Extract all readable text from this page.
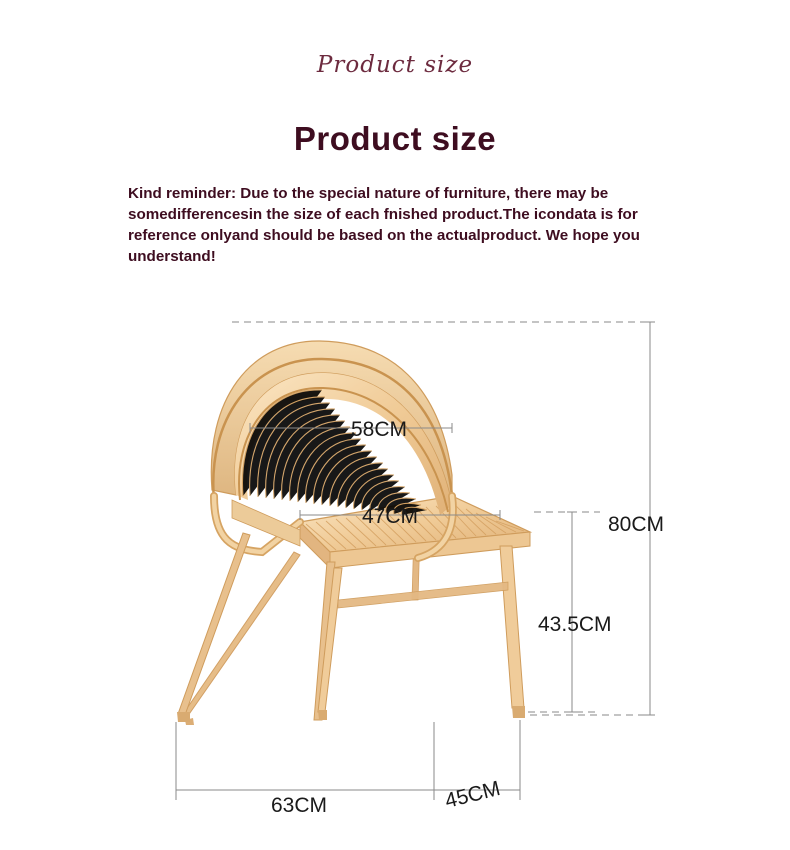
Product size
Product size
Kind reminder: Due to the special nature of furniture, there may be somedifferencesin the size of each fnished product.The icondata is for reference onlyand should be based on the actualproduct. We hope you understand!
58CM
47CM	80CM
43.5CM
63CM	45CM
